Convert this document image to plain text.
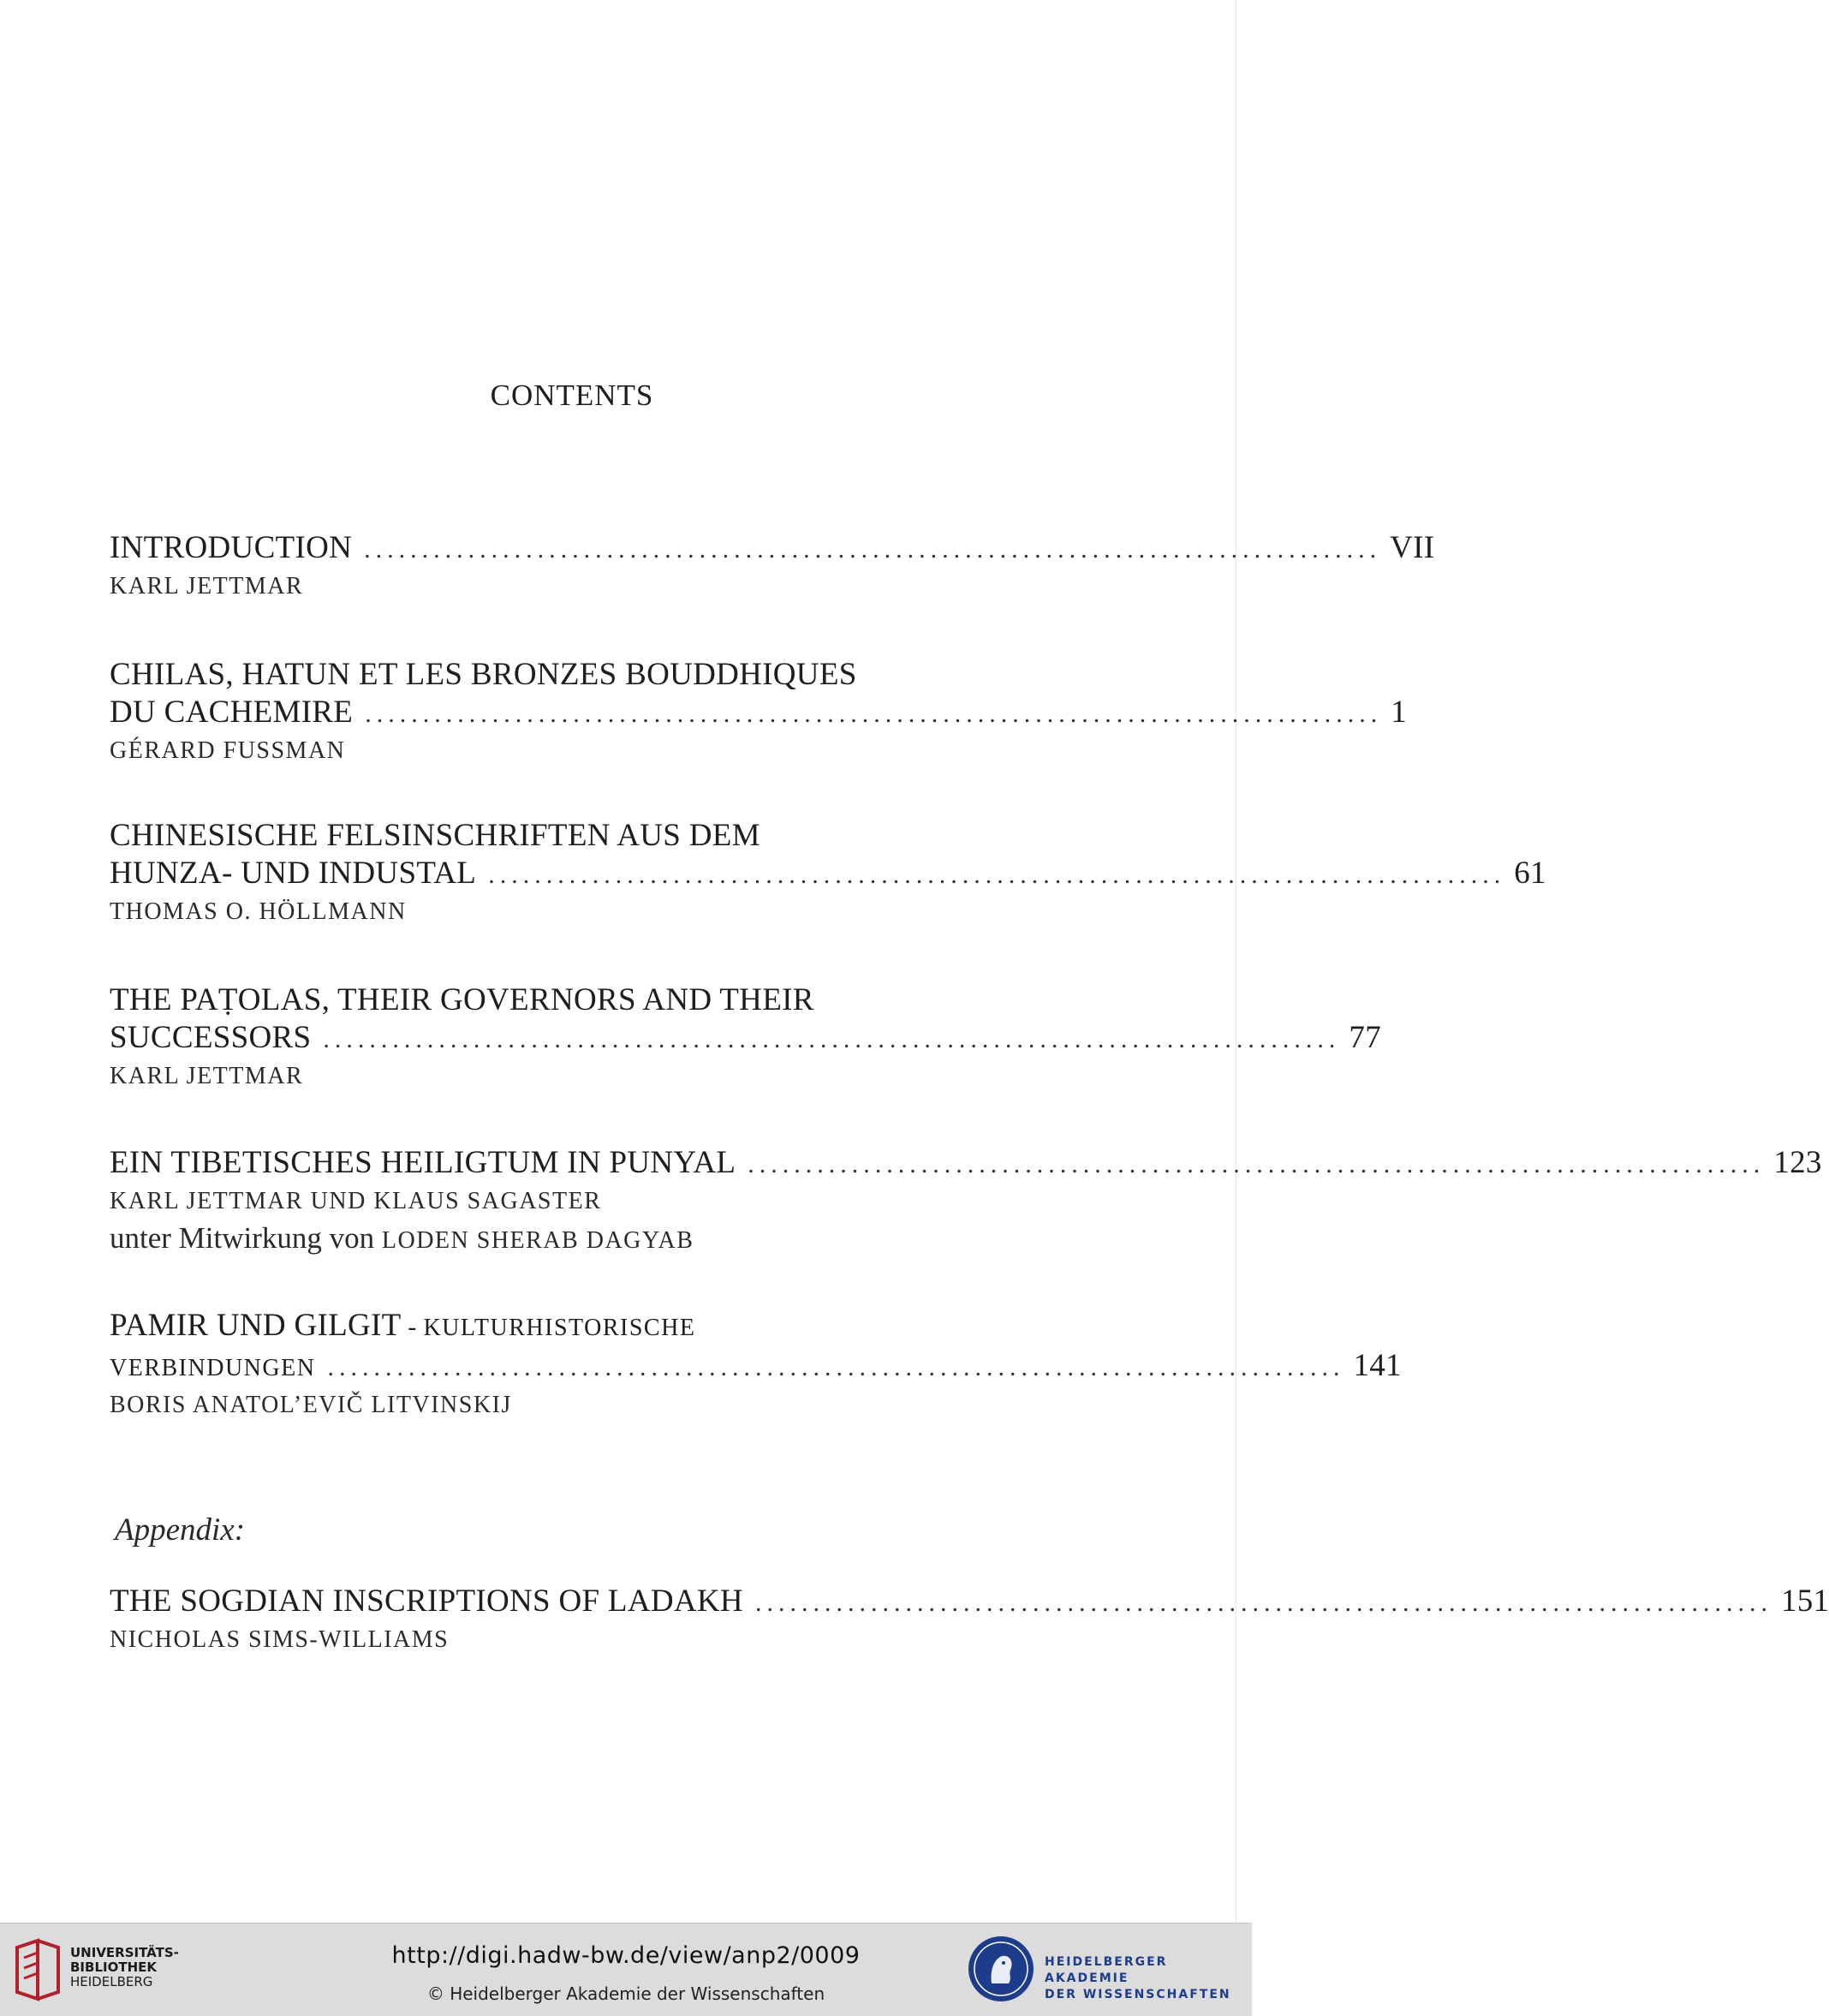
CONTENTS
INTRODUCTION ........................................................................................ VII
KARL JETTMAR
CHILAS, HATUN ET LES BRONZES BOUDDHIQUES
DU CACHEMIRE ........................................................................................ 1
GÉRARD FUSSMAN
CHINESISCHE FELSINSCHRIFTEN AUS DEM
HUNZA- UND INDUSTAL ........................................................................................ 61
THOMAS O. HÖLLMANN
THE PAṬOLAS, THEIR GOVERNORS AND THEIR
SUCCESSORS ........................................................................................ 77
KARL JETTMAR
EIN TIBETISCHES HEILIGTUM IN PUNYAL ........................................................................................ 123
KARL JETTMAR UND KLAUS SAGASTER
unter Mitwirkung von LODEN SHERAB DAGYAB
PAMIR UND GILGIT - KULTURHISTORISCHE
VERBINDUNGEN ........................................................................................ 141
BORIS ANATOL’EVIČ LITVINSKIJ
THE SOGDIAN INSCRIPTIONS OF LADAKH ........................................................................................ 151
NICHOLAS SIMS-WILLIAMS
Appendix:
UNIVERSITÄTS-
BIBLIOTHEK
HEIDELBERG
http://digi.hadw-bw.de/view/anp2/0009
© Heidelberger Akademie der Wissenschaften
HEIDELBERGER AKADEMIE
DER WISSENSCHAFTEN
